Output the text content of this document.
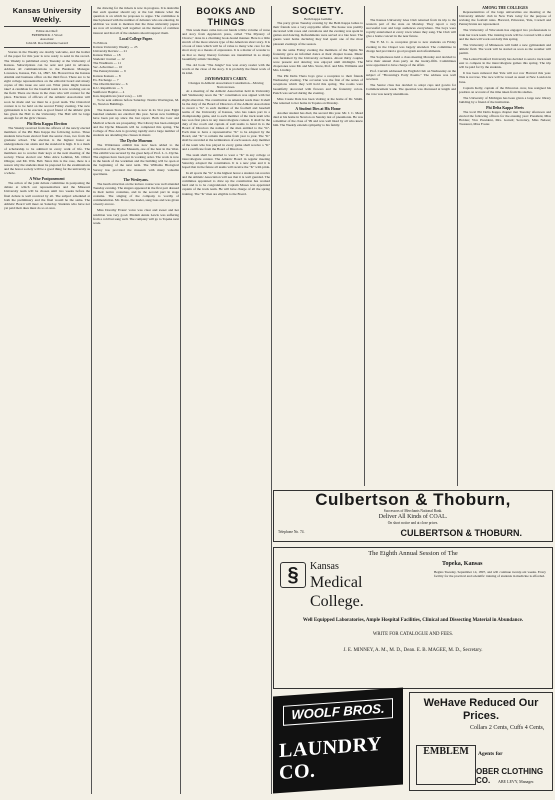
Kansas University Weekly.
Editor-in-Chief:
FREDERICK J. Wood
Associate:
John M. Roe Katharine Gerard

Stories in the Weekly are doubly welcome, and the holder of the paper for this year is now ready to send in the record. The Weekly is published every Tuesday at the University of Kansas. Subscriptions can be sent and paid in advance. Address all communications to the Business Manager. Lawrence, Kansas, Feb. 14, 1897. Mr. Howard has the Kansas Alumni and business office on the third floor. There are to be eight college representatives on the editorial board and ninety copies of this issue are sent out. What plans might Kansas take? A candidate for the baseball team is now working out on the field. There are those in the class who will contest for the place. Elections of officers of the Athletic Association will soon be made and we must be a good team. The Oratorical contest is to be held on the second Friday evening. The new gymnasium is to be erected. A good friend of the athletic girls has given the Hall to the University. The Hall will be large enough for all the girls' classes.

Phi Beta Kappa Election

The Weekly received from the officers of the newly elected members of the Phi Beta Kappa the following notice. Three students have been elected from the senior class, two from the graduate school. The election is the highest honor an undergraduate can attain and the standard is high. It is a mark of scholarship to be admired in every walk of life. The members are to receive their keys at the next meeting of the society. Those elected are: Miss Alice Lehman, Mr. Oliver Olinger, and Mr. Wm. Bell. Since this is the case, there is a reason why the students must be prepared for the examinations and the honor society will be a good thing for the university as a whole.

A Wise Postponement

The action of the joint debate committee in postponing the debate at which our representatives and the Missouri University team will be chosen until two weeks before the final debate is well received by all. The subject scheduled at both the preliminary and the final would be the same. The Athletic Board will meet on Saturday. Students who have not yet paid their dues must do so at once.

the drawing for the tickets is now in progress. It is desirable that each speaker should say at the last minute what the question is on which he proposes to argue. The committee is much pleased with the number of debaters who are entering. In addition we want to mention that the three university papers are now all working well together on the matters of common interest and that all of the students should support them.

Local College Paper.
To Editors
Kansas University Weekly .... 25
University Review .... 21
Kansas Times .... 18
Students' Journal .... 12
The Washburn .... 11
Sec. Advertiser .... 10
The Pennsylvanian .... 9
Kansas Kansan .... 8
Ex. Exchange .... 7
The Oberlin Review .... 6
K.U. Republican .... 5
Sunflower Baptist .... 4
Kan. Republican (total vote) .... 126

To be sent address before Saturday. Norma Worrington, M. D., Newton Buildings.

The Kansas State University is now in its 31st year. Eight hundred students are enrolled this year. Seven new buildings have been put up since the last report. Both the Law and Medical schools are prospering. The Library has been enlarged and the Dyche Museum will be completed this spring. The College of Fine Arts is growing rapidly and a large number of students are attending the classes in music.

The Dyche Museum

The Wilderness exhibit has now been added to the collection of the Dyche Museum, one of the best in the West. The exhibit was secured by the great help of Prof. L. L. Dyche. The engines have been put in working order. The work is now in the hands of the workmen and the building will be open at the beginning of the next term. The Williams Biological Survey has provided the museum with many valuable specimens.

The Wesleyans.

The heath attraction on the lecture course was well attended Tuesday evening. The singers appeared in the first part dressed in their native costumes, and in the second part in stage costume. The singing of the company is worthy of commendation. Mr. Dowe, the leader, sang bass and was given a hearty encore.

Miss Dorothy Evans' voice was clear and sweet and her rendition was very good. Madam Annie Lewis was suffering from a cold but sang well. The company will go to Topeka next week.

BOOKS AND THINGS

This week there came into our hands a little volume of verse and story from Appleton's press, called "The Mystery of Choice," done in a charming book-bound manner. Here is a little stretch of the more sincere type of the American short story. It is a book of tales which will be of value to many who care for the short story as a means of expression. It is a matter of wonder to us that so many literary fortunes are transmitted in so many beautifully artistic bindings.

The old book "The Jungle" has won every reader with the words at the close of the story. It is probably the finest work of its kind.

JAYHAWKER'S CAREY.
Changes in Athletic Association Constitution—Moving Narrowcases.

At a meeting of the Athletic Association held in University hall Wednesday noon the "K" constitution was signed with but slight alteration. The constitution as amended reads thus: It shall be the duty of the Board of Directors of the Athletic Association to award a "K" to each member of the football and baseball teams of the University of Kansas, who has taken part in a championship game, and to each member of the track team who has won first place in any intercollegiate contest. It shall be the duty of the coach and captain of said teams to hand in to the Board of Directors the names of the men entitled to the "K". Each man to have a representative "K" to be adopted by the Board, and "K" to remain the same from year to year. The "K" shall be awarded at the termination of each season. Any member of the team who has played in every game shall receive a "K" and a certificate from the Board of Directors.

The team shall be entitled to wear a "K" in any college or intercollegiate contest. The Athletic Board in regular meeting Saturday adopted the constitution. It is a new plan and it is hoped that in the future all teams will receive the "K" with pride.

In all sports the "K" is the highest honor a student can receive and the Athletic Association will see that it is well guarded. The committee appointed to draw up the constitution has worked hard and is to be congratulated. Captain Moses was appointed captain of the track team. He will have charge of all the spring training. The "K" men are eligible to the Board.

SOCIETY.
Beth Kappa Gamma

The party given Tuesday evening by the Beth Kappa ladies to their friends was a very enjoyable affair. The house was prettily decorated with roses and carnations and the evening was spent in games and dancing. Refreshments were served at a late hour. The guests went home declaring they had spent one of the most pleasant evenings of the season.

On the same Friday evening the members of the Sigma Nu fraternity gave an informal dance at their chapter house. Music was furnished by the University orchestra. About thirty couples were present and dancing was enjoyed until midnight. The chaperones were Mr. and Mrs. Snow, Prof. and Mrs. Williams and Mrs. Lindley.

The Phi Delta Theta boys gave a reception to their friends Wednesday evening. The occasion was the first of the series of receptions which they will hold this spring. The rooms were beautifully decorated with flowers and the fraternity colors. Punch was served during the evening.

Miss Cassie Dale has been visiting at the home of Dr. Smith. She returned to her home in Topeka on Monday.

A Student Dies at His Home

Another student has died, the second this year. Mr. J. C. Mead died at his home in Newton on Sunday last of pneumonia. He was a member of the class of '99 and was well liked by all who knew him. The Weekly extends sympathy to his family.

The Kansas University Glee Club returned from its trip to the western part of the state on Monday. They report a very successful tour and large audiences everywhere. The boys were royally entertained at every town where they sang. The Club will give a home concert in the near future.

The Y. M. C. A. reception given to new students on Friday evening in the Chapel was largely attended. The committee in charge had provided a good program and refreshments.

The Sophomores held a class meeting Monday and decided to have their annual class party on the twenty-fifth. Committees were appointed to have charge of the affair.

Prof. Carruth addressed the English Club on Wednesday on the subject of "Browning's Early Poems." The address was well received.

The Senior class has decided to adopt caps and gowns for Commencement week. The question was discussed at length and the vote was nearly unanimous.

AMONG THE COLLEGES

Representatives of the large universities are meeting at the University athletic club in New York today for the purpose of revising the football rules. Harvard, Princeton, Yale, Cornell and Pennsylvania are represented.

The University of Wisconsin has engaged two professionals to train her track team. The training track will be covered with a shed and the men will work out daily this spring.

The University of Minnesota will build a new gymnasium and athletic field. The work will be started as soon as the weather will permit.

The Leland Stanford University has decided to send a track team east to compete in the intercollegiate games this spring. The trip will be paid for by the students.

It has been rumored that Yale will not row Harvard this year. This is not true. The race will be rowed as usual at New London in June.

Captain Kelly, captain of the Princeton crew, has resigned his position on account of the time taken from his studies.

The University of Michigan has been given a large new library building by a friend of the institution.

Phi Delta Kappa Meets

The local Phi Delta Kappa chapter met Tuesday afternoon and elected the following officers for the ensuing year: President, Miss Holden; Vice President, Mrs. Garrett; Secretary, Miss Nelson; Treasurer, Miss Foster.

Culbertson & Thoburn,
Successors of Merchants National Bank.
Deliver All Kinds of COAL.
On short notice and at close prices.
Telephone No. 74.	CULBERTSON & THOBURN.
The Eighth Annual Session of The
§	Kansas
Medical
College.
Topeka, Kansas
Begins Tuesday, September 14, 1897, and will continue twenty-six weeks. Every facility for the practical and scientific training of students in medicine is afforded.
Well Equipped Laboratories, Ample Hospital Facilities, Clinical and Dissecting Material in Abundance.
WRITE FOR CATALOGUE AND FEES.
J. E. MINNEY, A. M., M. D., Dean. E. B. MAGEE, M. D., Secretary.
WOOLF BROS.
LAUNDRY CO.
WeHave Reduced Our Prices.
Collars 2 Cents, Cuffs 4 Cents,
EMBLEM	Agents for
OBER CLOTHING CO.	ABE LEVY, Manager.
